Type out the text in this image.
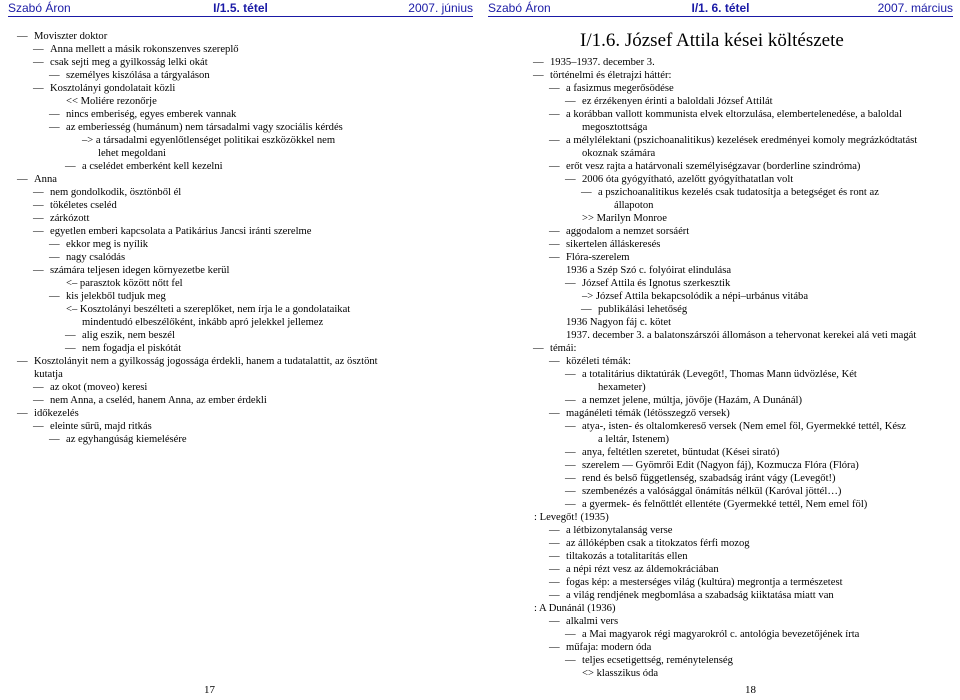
Szabó Áron	I/1.5. tétel	2007. június
— Moviszter doktor
— Anna mellett a másik rokonszenves szereplő
— csak sejti meg a gyilkosság lelki okát
— személyes kiszólása a tárgyaláson
— Kosztolányi gondolatait közli
<< Moliére rezonőrje
— nincs emberiség, egyes emberek vannak
— az emberiesség (humánum) nem társadalmi vagy szociális kérdés
–> a társadalmi egyenlőtlenséget politikai eszközökkel nem
lehet megoldani
— a cselédet emberként kell kezelni
— Anna
— nem gondolkodik, ösztönből él
— tökéletes cseléd
— zárkózott
— egyetlen emberi kapcsolata a Patikárius Jancsi iránti szerelme
— ekkor meg is nyílik
— nagy csalódás
— számára teljesen idegen környezetbe kerül
<– parasztok között nőtt fel
— kis jelekből tudjuk meg
<– Kosztolányi beszélteti a szereplőket, nem írja le a gondolataikat
mindentudó elbeszélőként, inkább apró jelekkel jellemez
— alig eszik, nem beszél
— nem fogadja el piskótát
— Kosztolányit nem a gyilkosság jogossága érdekli, hanem a tudatalattit, az ösztönt
kutatja
— az okot (moveo) keresi
— nem Anna, a cseléd, hanem Anna, az ember érdekli
— időkezelés
— eleinte sűrű, majd ritkás
— az egyhangúság kiemelésére
17
Szabó Áron	I/1. 6. tétel	2007. március
I/1.6. József Attila kései költészete
— 1935–1937. december 3.
— történelmi és életrajzi háttér:
— a fasizmus megerősödése
— ez érzékenyen érinti a baloldali József Attilát
— a korábban vallott kommunista elvek eltorzulása, elembertelenedése, a baloldal
megosztottsága
— a mélylélektani (pszichoanalitikus) kezelések eredményei komoly megrázkódtatást
okoznak számára
— erőt vesz rajta a határvonali személyiségzavar (borderline szindróma)
— 2006 óta gyógyítható, azelőtt gyógyíthatatlan volt
— a pszichoanalitikus kezelés csak tudatosítja a betegséget és ront az
állapoton
>> Marilyn Monroe
— aggodalom a nemzet sorsáért
— sikertelen álláskeresés
— Flóra-szerelem
1936 a Szép Szó c. folyóirat elindulása
— József Attila és Ignotus szerkesztik
–> József Attila bekapcsolódik a népi–urbánus vitába
— publikálási lehetőség
1936 Nagyon fáj c. kötet
1937. december 3. a balatonszárszói állomáson a tehervonat kerekei alá veti magát
— témái:
— közéleti témák:
— a totalitárius diktatúrák (Levegőt!, Thomas Mann üdvözlése, Két
hexameter)
— a nemzet jelene, múltja, jövője (Hazám, A Dunánál)
— magánéleti témák (létösszegző versek)
— atya-, isten- és oltalomkereső versek (Nem emel föl, Gyermekké tettél, Kész
a leltár, Istenem)
— anya, feltétlen szeretet, bűntudat (Kései sirató)
— szerelem — Gyömrői Edit (Nagyon fáj), Kozmucza Flóra (Flóra)
— rend és belső függetlenség, szabadság iránt vágy (Levegőt!)
— szembenézés a valósággal önámítás nélkül (Karóval jöttél…)
— a gyermek- és felnőttlét ellentéte (Gyermekké tettél, Nem emel föl)
: Levegőt! (1935)
— a létbizonytalanság verse
— az állóképben csak a titokzatos férfi mozog
— tiltakozás a totalitarítás ellen
— a népi rézt vesz az áldemokráciában
— fogas kép: a mesterséges világ (kultúra) megrontja a természetest
— a világ rendjének megbomlása a szabadság kiiktatása miatt van
: A Dunánál (1936)
— alkalmi vers
— a Mai magyarok régi magyarokról c. antológia bevezetőjének írta
— műfaja: modern óda
— teljes ecsetigettség, reménytelenség
<> klasszikus óda
18
